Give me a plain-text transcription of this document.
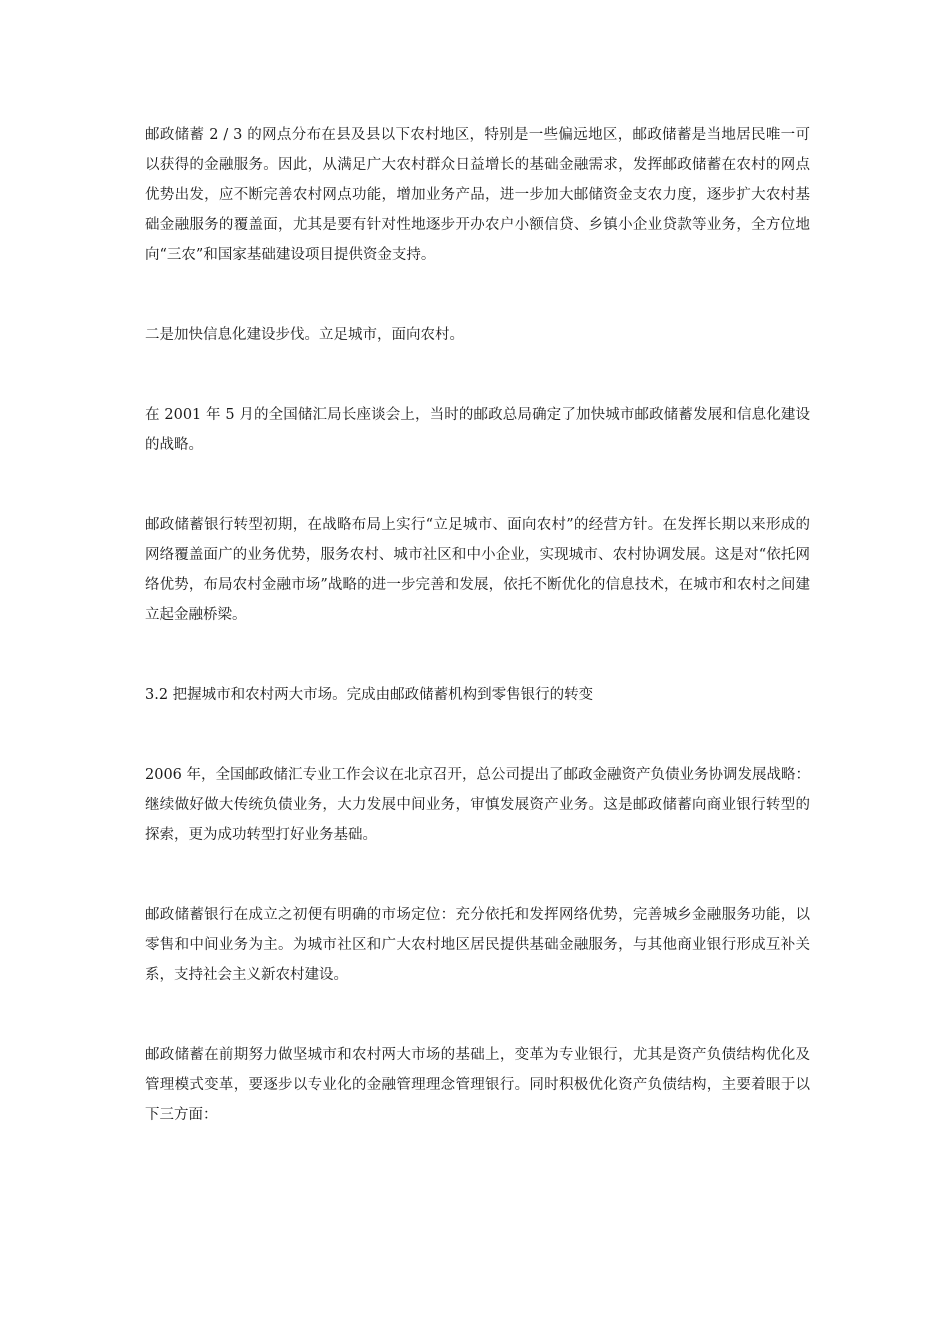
邮政储蓄 2 / 3 的网点分布在县及县以下农村地区，特别是一些偏远地区，邮政储蓄是当地居民唯一可以获得的金融服务。因此，从满足广大农村群众日益增长的基础金融需求，发挥邮政储蓄在农村的网点优势出发，应不断完善农村网点功能，增加业务产品，进一步加大邮储资金支农力度，逐步扩大农村基础金融服务的覆盖面，尤其是要有针对性地逐步开办农户小额信贷、乡镇小企业贷款等业务，全方位地向“三农”和国家基础建设项目提供资金支持。

二是加快信息化建设步伐。立足城市，面向农村。

在 2001 年 5 月的全国储汇局长座谈会上，当时的邮政总局确定了加快城市邮政储蓄发展和信息化建设的战略。

邮政储蓄银行转型初期，在战略布局上实行“立足城市、面向农村”的经营方针。在发挥长期以来形成的网络覆盖面广的业务优势，服务农村、城市社区和中小企业，实现城市、农村协调发展。这是对“依托网络优势，布局农村金融市场”战略的进一步完善和发展，依托不断优化的信息技术，在城市和农村之间建立起金融桥梁。

3.2 把握城市和农村两大市场。完成由邮政储蓄机构到零售银行的转变

2006 年，全国邮政储汇专业工作会议在北京召开，总公司提出了邮政金融资产负债业务协调发展战略：继续做好做大传统负债业务，大力发展中间业务，审慎发展资产业务。这是邮政储蓄向商业银行转型的探索，更为成功转型打好业务基础。

邮政储蓄银行在成立之初便有明确的市场定位：充分依托和发挥网络优势，完善城乡金融服务功能，以零售和中间业务为主。为城市社区和广大农村地区居民提供基础金融服务，与其他商业银行形成互补关系，支持社会主义新农村建设。

邮政储蓄在前期努力做坚城市和农村两大市场的基础上，变革为专业银行，尤其是资产负债结构优化及管理模式变革，要逐步以专业化的金融管理理念管理银行。同时积极优化资产负债结构，主要着眼于以下三方面：
